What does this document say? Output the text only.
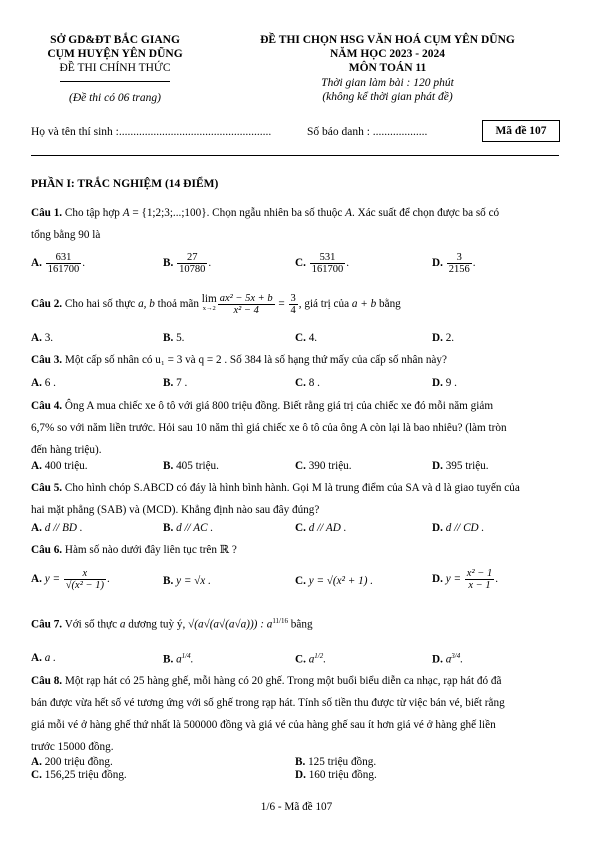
SỞ GD&ĐT BẮC GIANG
CỤM HUYỆN YÊN DŨNG
ĐỀ THI CHÍNH THỨC
(Đề thi có 06 trang)
ĐỀ THI CHỌN HSG VĂN HOÁ CỤM YÊN DŨNG
NĂM HỌC 2023 - 2024
MÔN TOÁN 11
Thời gian làm bài : 120 phút
(không kể thời gian phát đề)
Họ và tên thí sinh :.....................................................	Số báo danh : ...................	Mã đề 107
PHẦN I: TRẮC NGHIỆM (14 ĐIỂM)
Câu 1. Cho tập hợp A = {1;2;3;...;100}. Chọn ngẫu nhiên ba số thuộc A. Xác suất để chọn được ba số có
tổng bằng 90 là
A. $\frac{631}{161700}$ .	B. $\frac{27}{10780}$ .	C. $\frac{531}{161700}$ .	D. $\frac{3}{2156}$ .
Câu 2. Cho hai số thực a, b thoả mãn lim
$x\to 2 \frac{\text{ax² − 5x + b}}{\text{x² − 4}} = \frac{3}{4}$ , giá trị của a + b bằng
A. 3.	B. 5.	C. 4.	D. 2.
Câu 3. Một cấp số nhân có u₁ = 3 và q = 2 . Số 384 là số hạng thứ mấy của cấp số nhân này?
A. 6 .	B. 7 .	C. 8 .	D. 9 .
Câu 4. Ông A mua chiếc xe ô tô với giá 800 triệu đồng. Biết rằng giá trị của chiếc xe đó mỗi năm giảm
6,7% so với năm liền trước. Hỏi sau 10 năm thì giá chiếc xe ô tô của ông A còn lại là bao nhiêu? (làm tròn
đến hàng triệu).
A. 400 triệu.	B. 405 triệu.	C. 390 triệu.	D. 395 triệu.
Câu 5. Cho hình chóp S.ABCD có đáy là hình bình hành. Gọi M là trung điểm của SA và d là giao tuyến của
hai mặt phẳng (SAB) và (MCD). Khẳng định nào sau đây đúng?
A. d // BD .	B. d // AC .	C. d // AD .	D. d // CD .
Câu 6. Hàm số nào dưới đây liên tục trên ℝ ?
A. $y = \frac{x}{\text{√(x² − 1)}}$ .	B. y = √x .	C. y = √(x² + 1) .	D. $y = \frac{\text{x² − 1}}{x - 1}$ .
Câu 7. Với số thực a dương tuỳ ý, √(a√(a√(a√a))) : $a^{11/16}$ bằng
A. a .	B. $a^{1/4}$.	C. $a^{1/2}$.	D. $a^{3/4}$.
Câu 8. Một rạp hát có 25 hàng ghế, mỗi hàng có 20 ghế. Trong một buổi biểu diễn ca nhạc, rạp hát đó đã
bán được vừa hết số vé tương ứng với số ghế trong rạp hát. Tính số tiền thu được từ việc bán vé, biết rằng
giá mỗi vé ở hàng ghế thứ nhất là 500000 đồng và giá vé của hàng ghế sau ít hơn giá vé ở hàng ghế liền
trước 15000 đồng.
A. 200 triệu đồng.	B. 125 triệu đồng.
C. 156,25 triệu đồng.	D. 160 triệu đồng.
1/6 - Mã đề 107
